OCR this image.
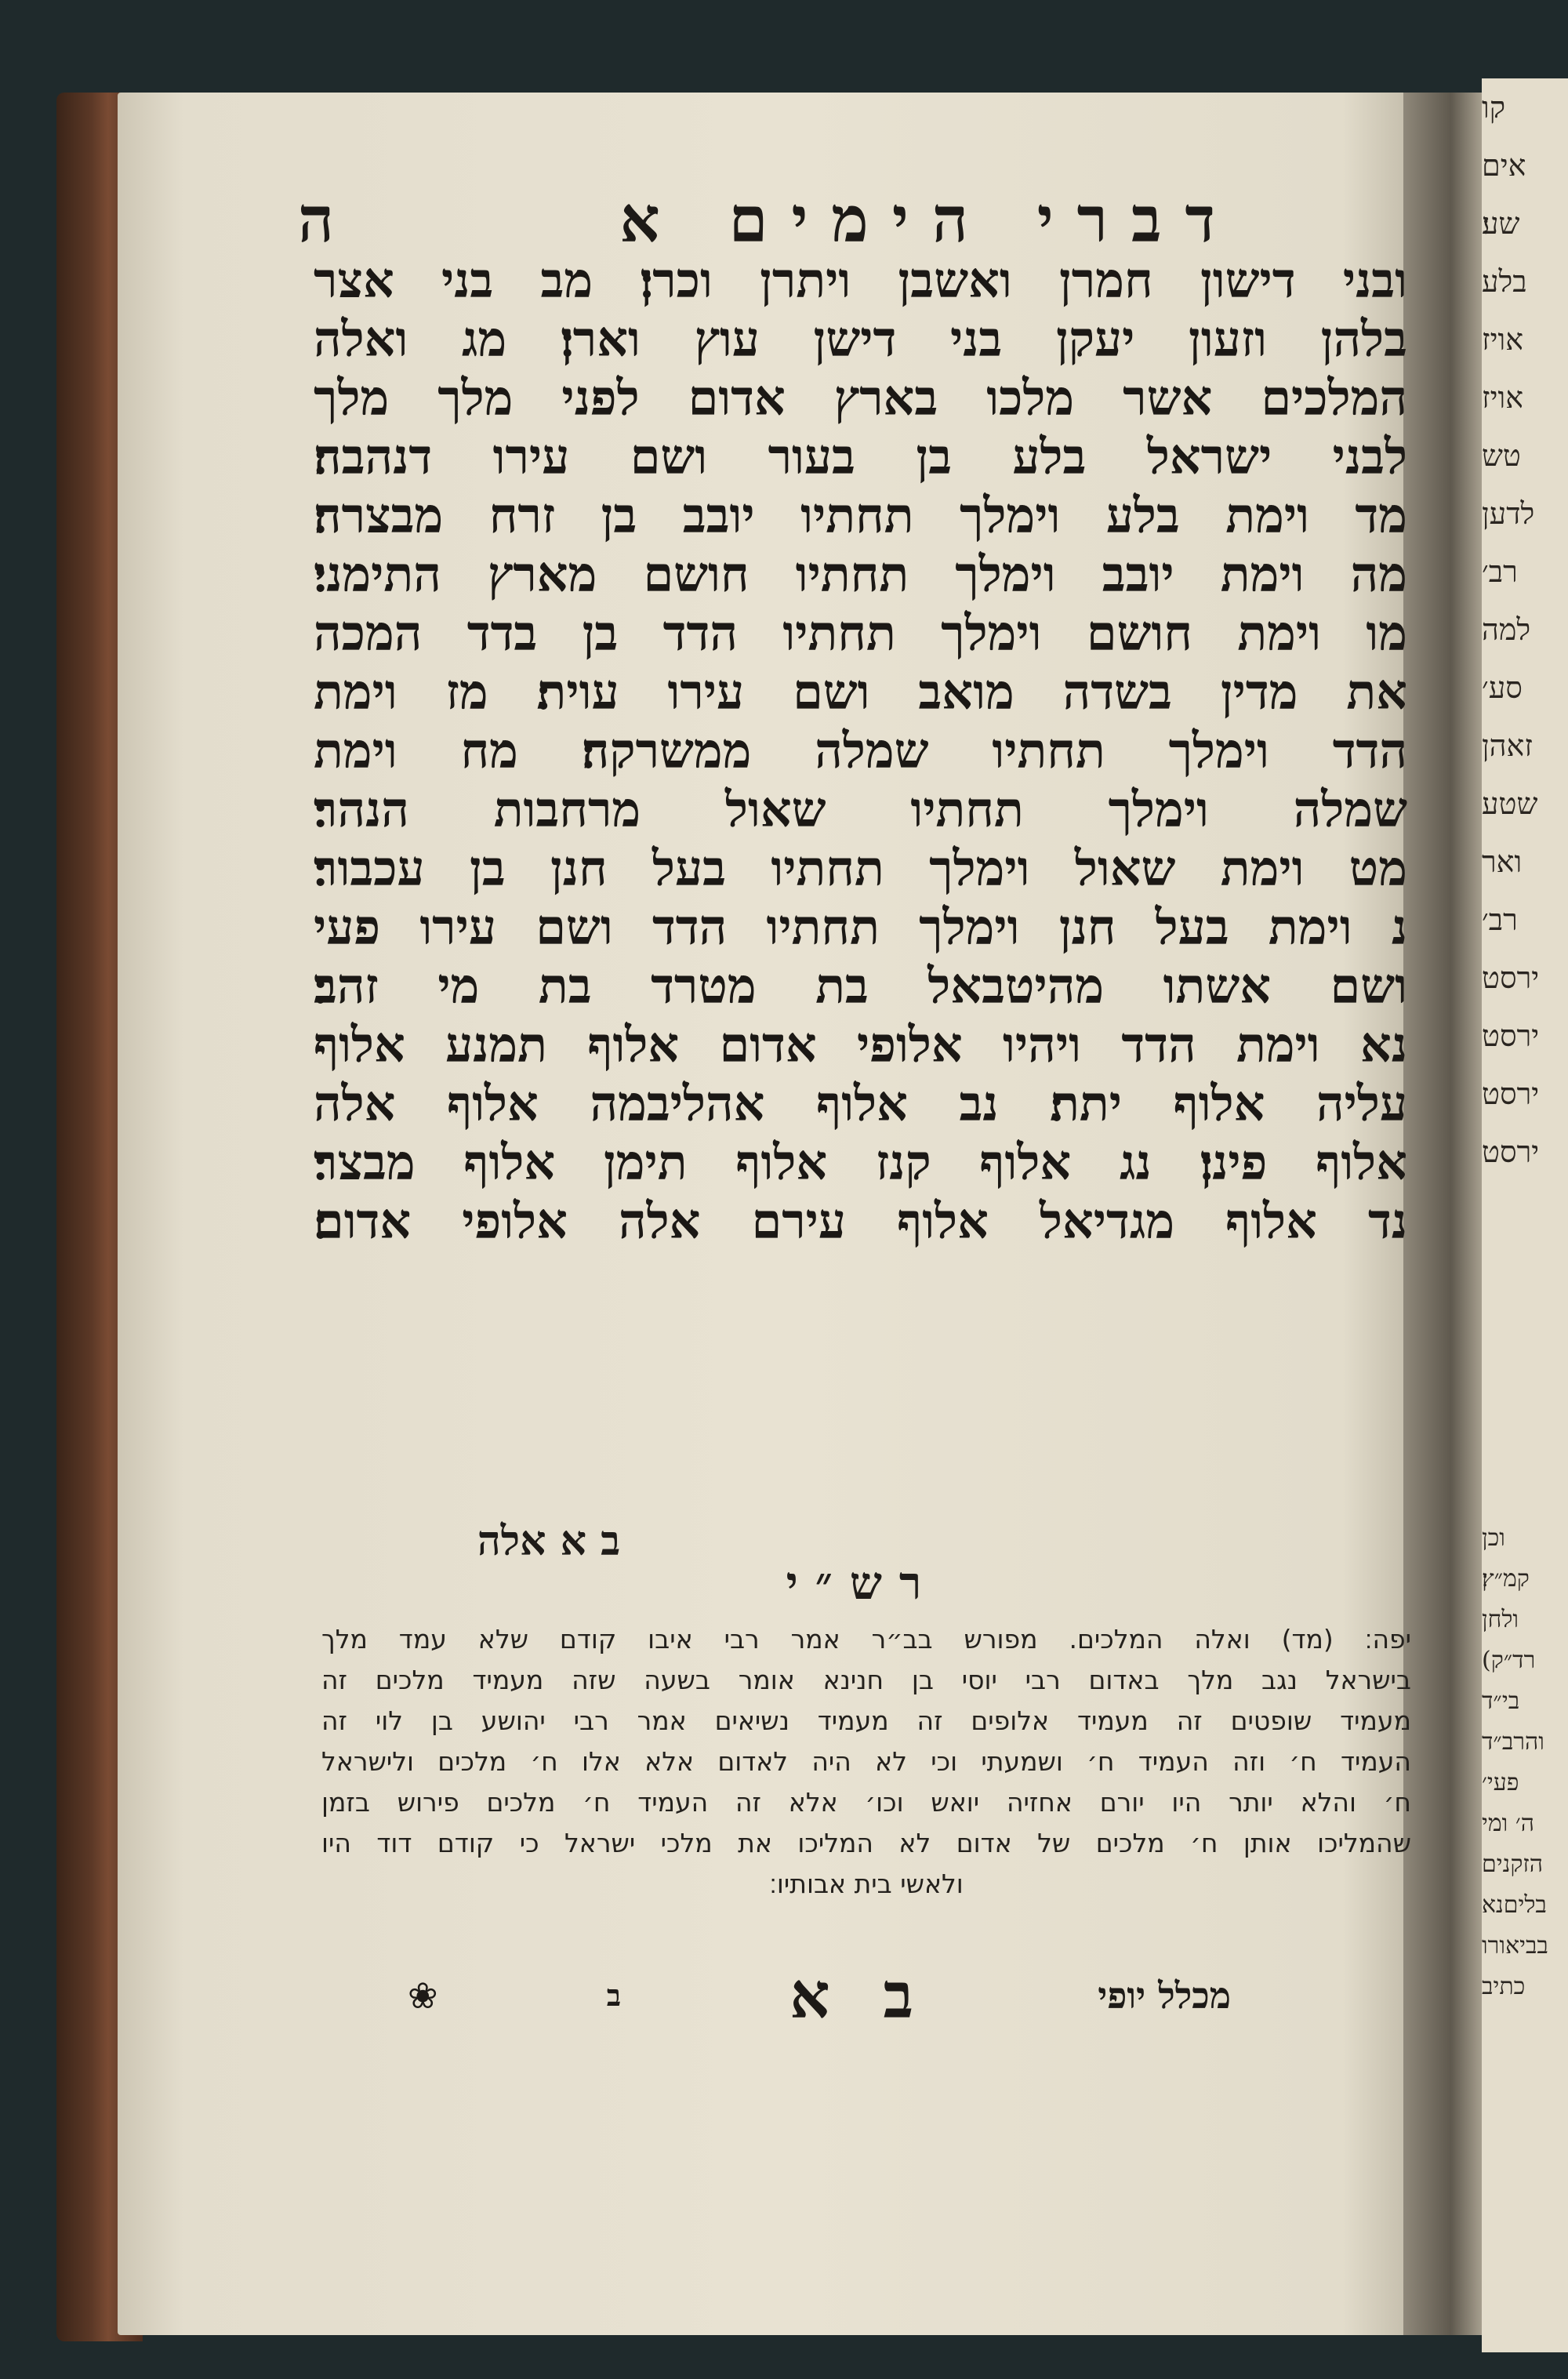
קו
אים
שע׃
בלע
אויז
אויז
טש
לדען
רב׳
למה
סע׳
זאהן
שטע
ואר
רב׳
ירסט
ירסט
ירסט
ירסט
וכן
קמ״ץ׃
ולחן
רד״ק)
בי״ד
והרב״ד
פעי׳
ה׳ ומי
הזקנים
בליםנא
בביאורו
כתיב
דברי הימים א
ה
ובני דישון חמרן ואשבן ויתרן וכרן׃ מב בני אצר
בלהן וזעון יעקן בני דישן עוץ וארן׃ מג ואלה
המלכים אשר מלכו בארץ אדום לפני מלך מלך
לבני ישראל בלע בן בעור ושם עירו דנהבה׃
מד וימת בלע וימלך תחתיו יובב בן זרח מבצרה׃
מה וימת יובב וימלך תחתיו חושם מארץ התימני׃
מו וימת חושם וימלך תחתיו הדד בן בדד המכה
את מדין בשדה מואב ושם עירו עוית׃ מז וימת
הדד וימלך תחתיו שמלה ממשרקה׃ מח וימת
שמלה וימלך תחתיו שאול מרחבות הנהר׃
מט וימת שאול וימלך תחתיו בעל חנן בן עכבור׃
נ וימת בעל חנן וימלך תחתיו הדד ושם עירו פעי
ושם אשתו מהיטבאל בת מטרד בת מי זהב׃
נא וימת הדד ויהיו אלופי אדום אלוף תמנע אלוף
עליה אלוף יתת׃ נב אלוף אהליבמה אלוף אלה
אלוף פינן׃ נג אלוף קנז אלוף תימן אלוף מבצר׃
נד אלוף מגדיאל אלוף עירם אלה אלופי אדום׃
ב א אלה
רש״י
יפה׃ (מד) ואלה המלכים. מפורש בב״ר אמר רבי איבו קודם שלא עמד מלך
בישראל נגב מלך באדום רבי יוסי בן חנינא אומר בשעה שזה מעמיד מלכים זה
מעמיד שופטים זה מעמיד אלופים זה מעמיד נשיאים אמר רבי יהושע בן לוי זה
העמיד ח׳ וזה העמיד ח׳ ושמעתי וכי לא היה לאדום אלא אלו ח׳ מלכים ולישראל
ח׳ והלא יותר היו יורם אחזיה יואש וכו׳ אלא זה העמיד ח׳ מלכים פירוש בזמן
שהמליכו אותן ח׳ מלכים של אדום לא המליכו את מלכי ישראל כי קודם דוד היו
ולאשי בית אבותיו׃
מכלל יופי
ב א
ב
❀
